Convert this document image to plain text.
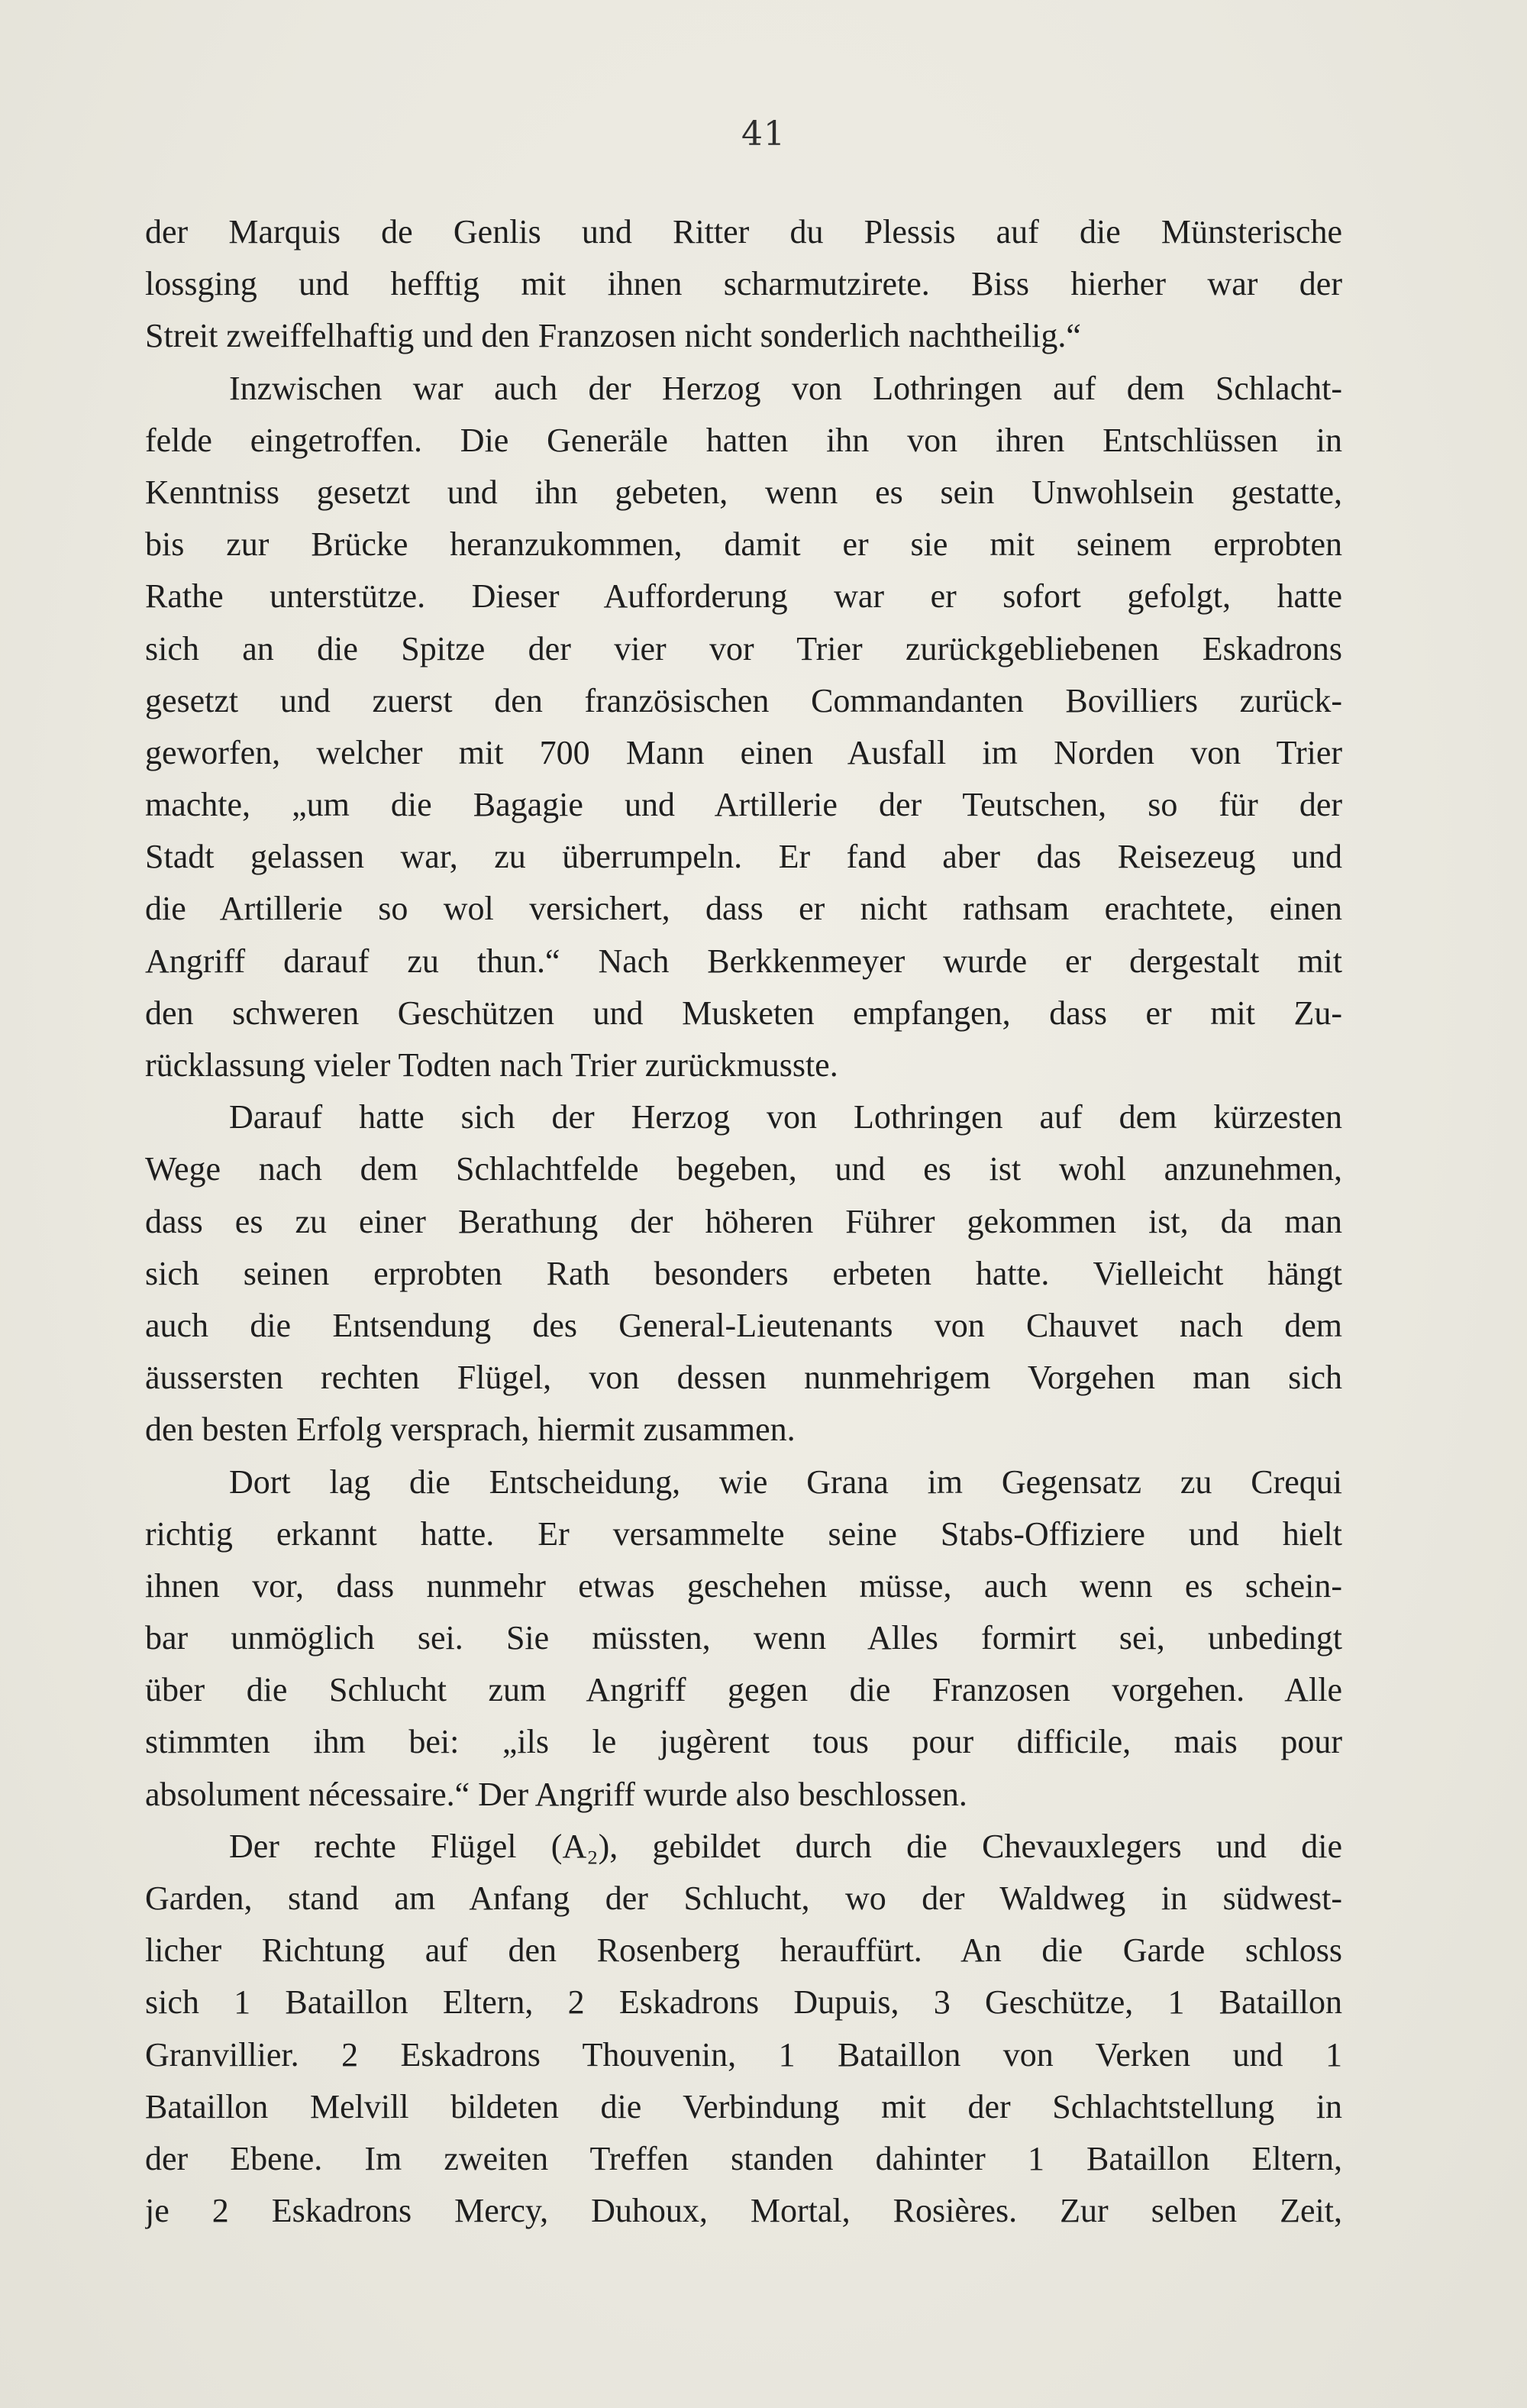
41
der Marquis de Genlis und Ritter du Plessis auf die Münsterische
lossging und hefftig mit ihnen scharmutzirete. Biss hierher war der
Streit zweiffelhaftig und den Franzosen nicht sonderlich nachtheilig.“
Inzwischen war auch der Herzog von Lothringen auf dem Schlacht-
felde eingetroffen. Die Generäle hatten ihn von ihren Entschlüssen in
Kenntniss gesetzt und ihn gebeten, wenn es sein Unwohlsein gestatte,
bis zur Brücke heranzukommen, damit er sie mit seinem erprobten
Rathe unterstütze. Dieser Aufforderung war er sofort gefolgt, hatte
sich an die Spitze der vier vor Trier zurückgebliebenen Eskadrons
gesetzt und zuerst den französischen Commandanten Bovilliers zurück-
geworfen, welcher mit 700 Mann einen Ausfall im Norden von Trier
machte, „um die Bagagie und Artillerie der Teutschen, so für der
Stadt gelassen war, zu überrumpeln. Er fand aber das Reisezeug und
die Artillerie so wol versichert, dass er nicht rathsam erachtete, einen
Angriff darauf zu thun.“ Nach Berkkenmeyer wurde er dergestalt mit
den schweren Geschützen und Musketen empfangen, dass er mit Zu-
rücklassung vieler Todten nach Trier zurückmusste.
Darauf hatte sich der Herzog von Lothringen auf dem kürzesten
Wege nach dem Schlachtfelde begeben, und es ist wohl anzunehmen,
dass es zu einer Berathung der höheren Führer gekommen ist, da man
sich seinen erprobten Rath besonders erbeten hatte. Vielleicht hängt
auch die Entsendung des General-Lieutenants von Chauvet nach dem
äussersten rechten Flügel, von dessen nunmehrigem Vorgehen man sich
den besten Erfolg versprach, hiermit zusammen.
Dort lag die Entscheidung, wie Grana im Gegensatz zu Crequi
richtig erkannt hatte. Er versammelte seine Stabs-Offiziere und hielt
ihnen vor, dass nunmehr etwas geschehen müsse, auch wenn es schein-
bar unmöglich sei. Sie müssten, wenn Alles formirt sei, unbedingt
über die Schlucht zum Angriff gegen die Franzosen vorgehen. Alle
stimmten ihm bei: „ils le jugèrent tous pour difficile, mais pour
absolument nécessaire.“ Der Angriff wurde also beschlossen.
Der rechte Flügel (A₂), gebildet durch die Chevauxlegers und die
Garden, stand am Anfang der Schlucht, wo der Waldweg in südwest-
licher Richtung auf den Rosenberg herauffürt. An die Garde schloss
sich 1 Bataillon Eltern, 2 Eskadrons Dupuis, 3 Geschütze, 1 Bataillon
Granvillier. 2 Eskadrons Thouvenin, 1 Bataillon von Verken und 1
Bataillon Melvill bildeten die Verbindung mit der Schlachtstellung in
der Ebene. Im zweiten Treffen standen dahinter 1 Bataillon Eltern,
je 2 Eskadrons Mercy, Duhoux, Mortal, Rosières. Zur selben Zeit,
